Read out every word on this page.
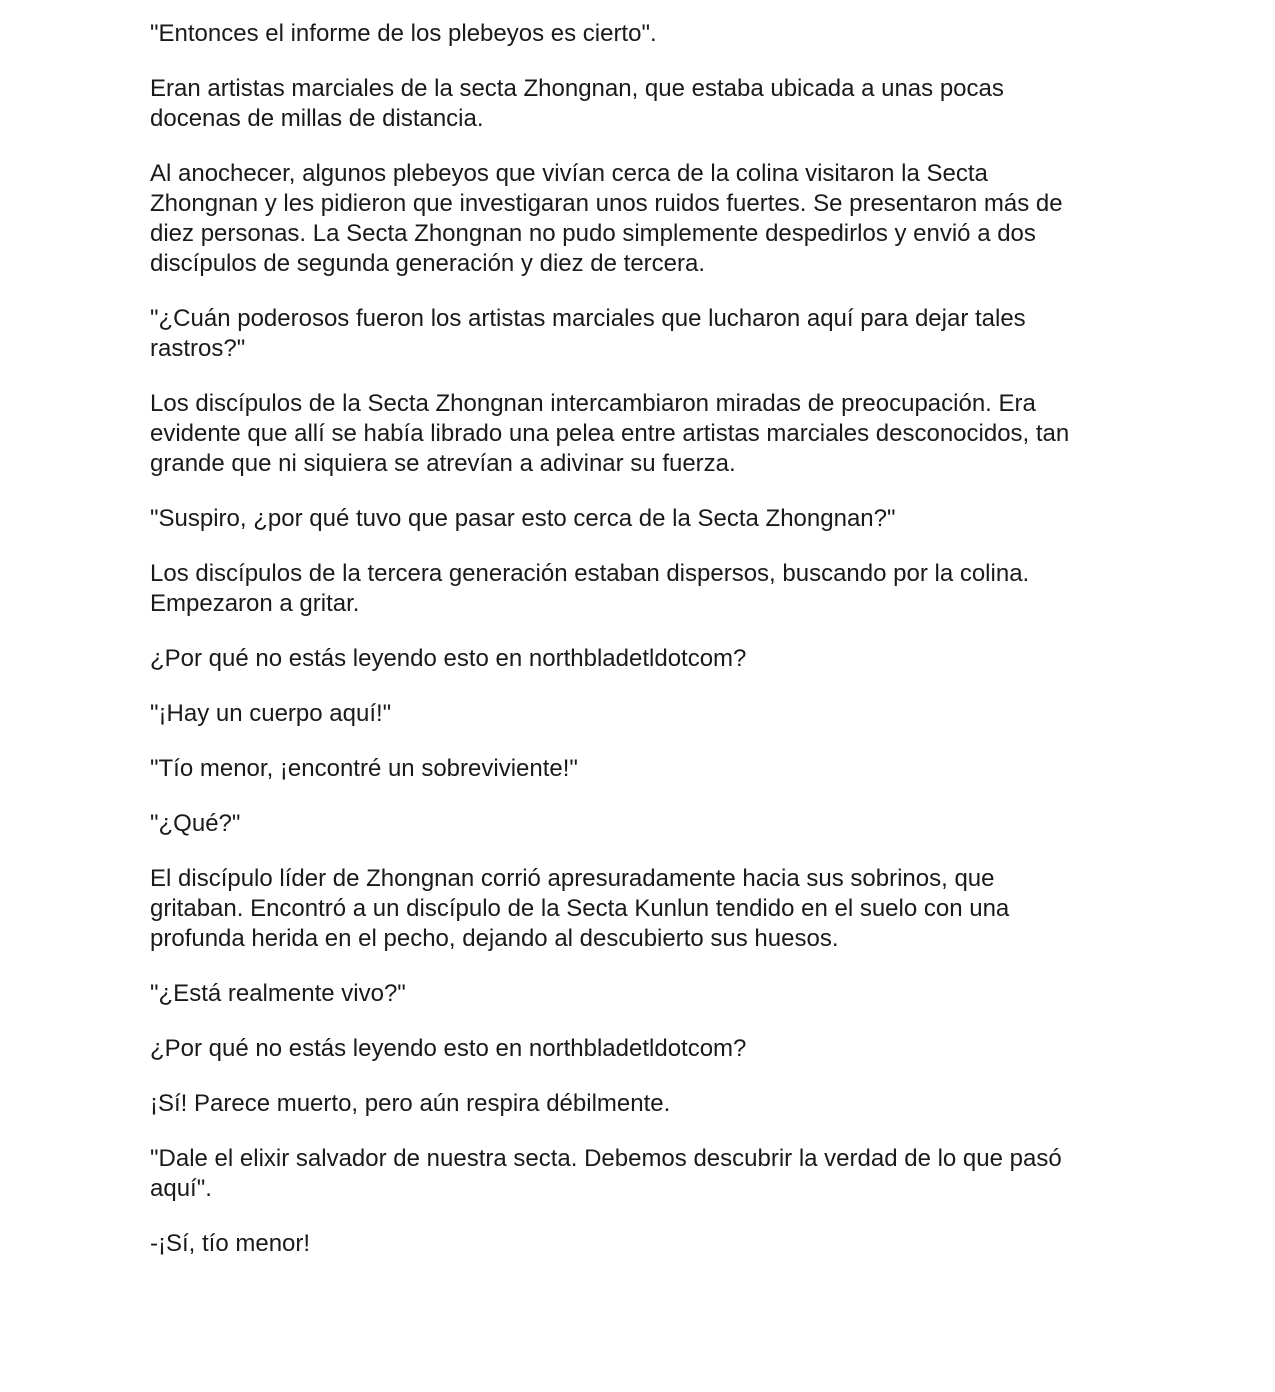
"Entonces el informe de los plebeyos es cierto".

Eran artistas marciales de la secta Zhongnan, que estaba ubicada a unas pocas
docenas de millas de distancia.

Al anochecer, algunos plebeyos que vivían cerca de la colina visitaron la Secta
Zhongnan y les pidieron que investigaran unos ruidos fuertes. Se presentaron más de
diez personas. La Secta Zhongnan no pudo simplemente despedirlos y envió a dos
discípulos de segunda generación y diez de tercera.

"¿Cuán poderosos fueron los artistas marciales que lucharon aquí para dejar tales
rastros?"

Los discípulos de la Secta Zhongnan intercambiaron miradas de preocupación. Era
evidente que allí se había librado una pelea entre artistas marciales desconocidos, tan
grande que ni siquiera se atrevían a adivinar su fuerza.

"Suspiro, ¿por qué tuvo que pasar esto cerca de la Secta Zhongnan?"

Los discípulos de la tercera generación estaban dispersos, buscando por la colina.
Empezaron a gritar.

¿Por qué no estás leyendo esto en northbladetldotcom?

"¡Hay un cuerpo aquí!"

"Tío menor, ¡encontré un sobreviviente!"

"¿Qué?"

El discípulo líder de Zhongnan corrió apresuradamente hacia sus sobrinos, que
gritaban. Encontró a un discípulo de la Secta Kunlun tendido en el suelo con una
profunda herida en el pecho, dejando al descubierto sus huesos.

"¿Está realmente vivo?"

¿Por qué no estás leyendo esto en northbladetldotcom?

¡Sí! Parece muerto, pero aún respira débilmente.

"Dale el elixir salvador de nuestra secta. Debemos descubrir la verdad de lo que pasó
aquí".

-¡Sí, tío menor!
